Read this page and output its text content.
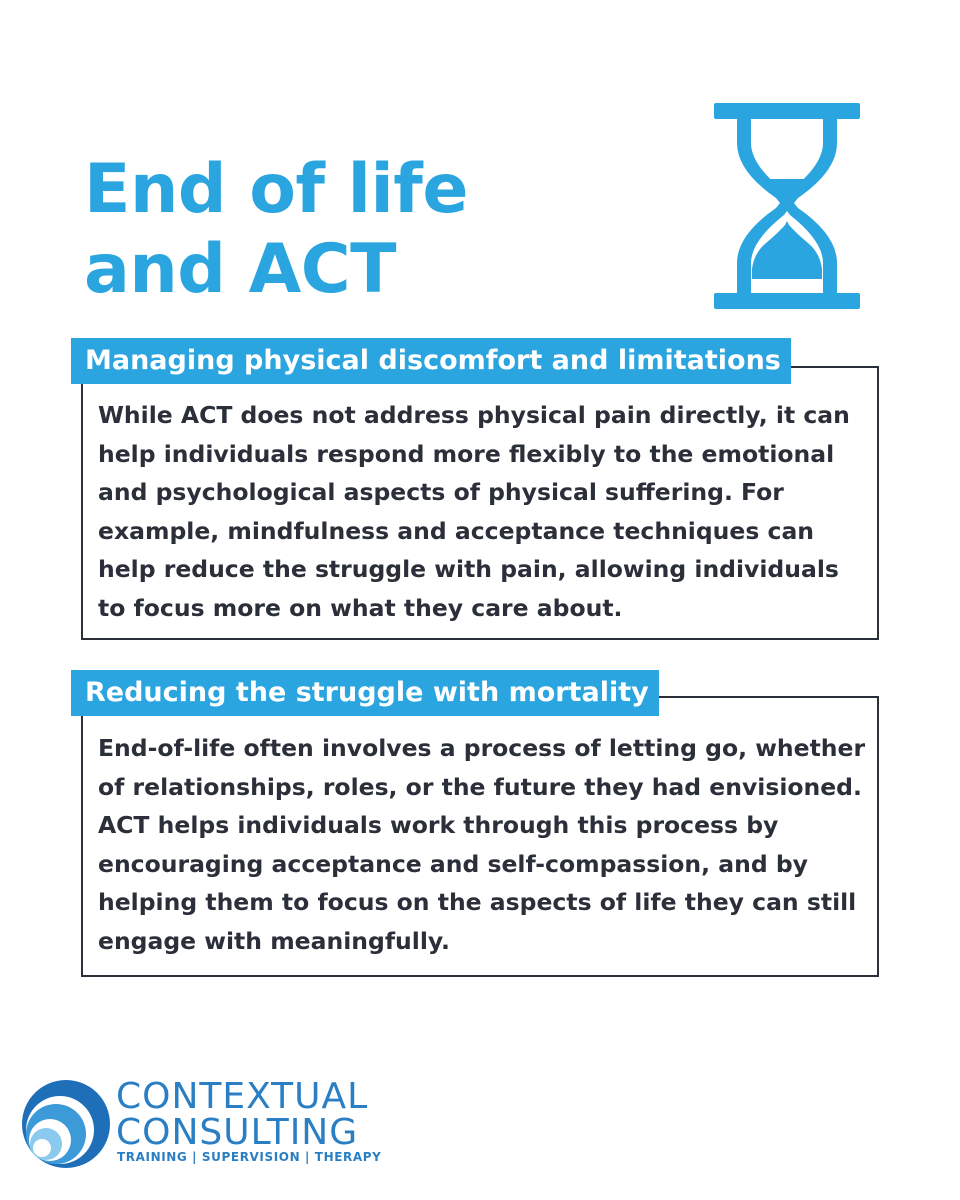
End of life
and ACT
Managing physical discomfort and limitations

While ACT does not address physical pain directly, it can help individuals respond more flexibly to the emotional and psychological aspects of physical suffering. For example, mindfulness and acceptance techniques can help reduce the struggle with pain, allowing individuals to focus more on what they care about.

Reducing the struggle with mortality

End-of-life often involves a process of letting go, whether of relationships, roles, or the future they had envisioned. ACT helps individuals work through this process by encouraging acceptance and self-compassion, and by helping them to focus on the aspects of life they can still engage with meaningfully.

CONTEXTUAL
CONSULTING
TRAINING | SUPERVISION | THERAPY
